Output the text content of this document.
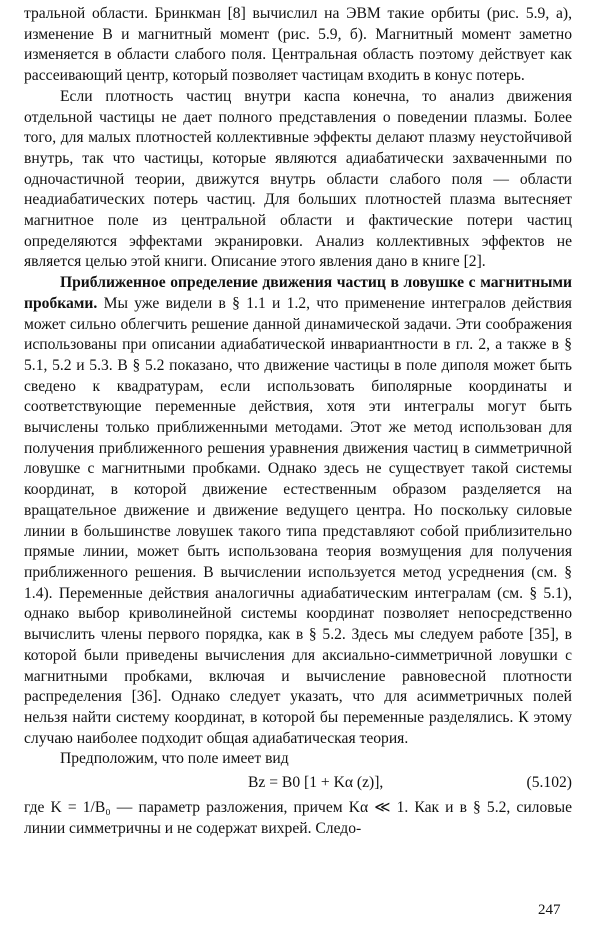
тральной области. Бринкман [8] вычислил на ЭВМ такие орбиты (рис. 5.9, а), изменение B и магнитный момент (рис. 5.9, б). Магнитный момент заметно изменяется в области слабого поля. Центральная область поэтому действует как рассеивающий центр, который позволяет частицам входить в конус потерь.

Если плотность частиц внутри каспа конечна, то анализ движения отдельной частицы не дает полного представления о поведении плазмы. Более того, для малых плотностей коллективные эффекты делают плазму неустойчивой внутрь, так что частицы, которые являются адиабатически захваченными по одночастичной теории, движутся внутрь области слабого поля — области неадиабатических потерь частиц. Для больших плотностей плазма вытесняет магнитное поле из центральной области и фактические потери частиц определяются эффектами экранировки. Анализ коллективных эффектов не является целью этой книги. Описание этого явления дано в книге [2].

Приближенное определение движения частиц в ловушке с магнитными пробками. Мы уже видели в § 1.1 и 1.2, что применение интегралов действия может сильно облегчить решение данной динамической задачи. Эти соображения использованы при описании адиабатической инвариантности в гл. 2, а также в § 5.1, 5.2 и 5.3. В § 5.2 показано, что движение частицы в поле диполя может быть сведено к квадратурам, если использовать биполярные координаты и соответствующие переменные действия, хотя эти интегралы могут быть вычислены только приближенными методами. Этот же метод использован для получения приближенного решения уравнения движения частиц в симметричной ловушке с магнитными пробками. Однако здесь не существует такой системы координат, в которой движение естественным образом разделяется на вращательное движение и движение ведущего центра. Но поскольку силовые линии в большинстве ловушек такого типа представляют собой приблизительно прямые линии, может быть использована теория возмущения для получения приближенного решения. В вычислении используется метод усреднения (см. § 1.4). Переменные действия аналогичны адиабатическим интегралам (см. § 5.1), однако выбор криволинейной системы координат позволяет непосредственно вычислить члены первого порядка, как в § 5.2. Здесь мы следуем работе [35], в которой были приведены вычисления для аксиально-симметричной ловушки с магнитными пробками, включая и вычисление равновесной плотности распределения [36]. Однако следует указать, что для асимметричных полей нельзя найти систему координат, в которой бы переменные разделялись. К этому случаю наиболее подходит общая адиабатическая теория.

Предположим, что поле имеет вид

Bz = B0 [1 + Kα (z)],	(5.102)

где K = 1/B₀ — параметр разложения, причем Kα ≪ 1. Как и в § 5.2, силовые линии симметричны и не содержат вихрей. Следо-

247
